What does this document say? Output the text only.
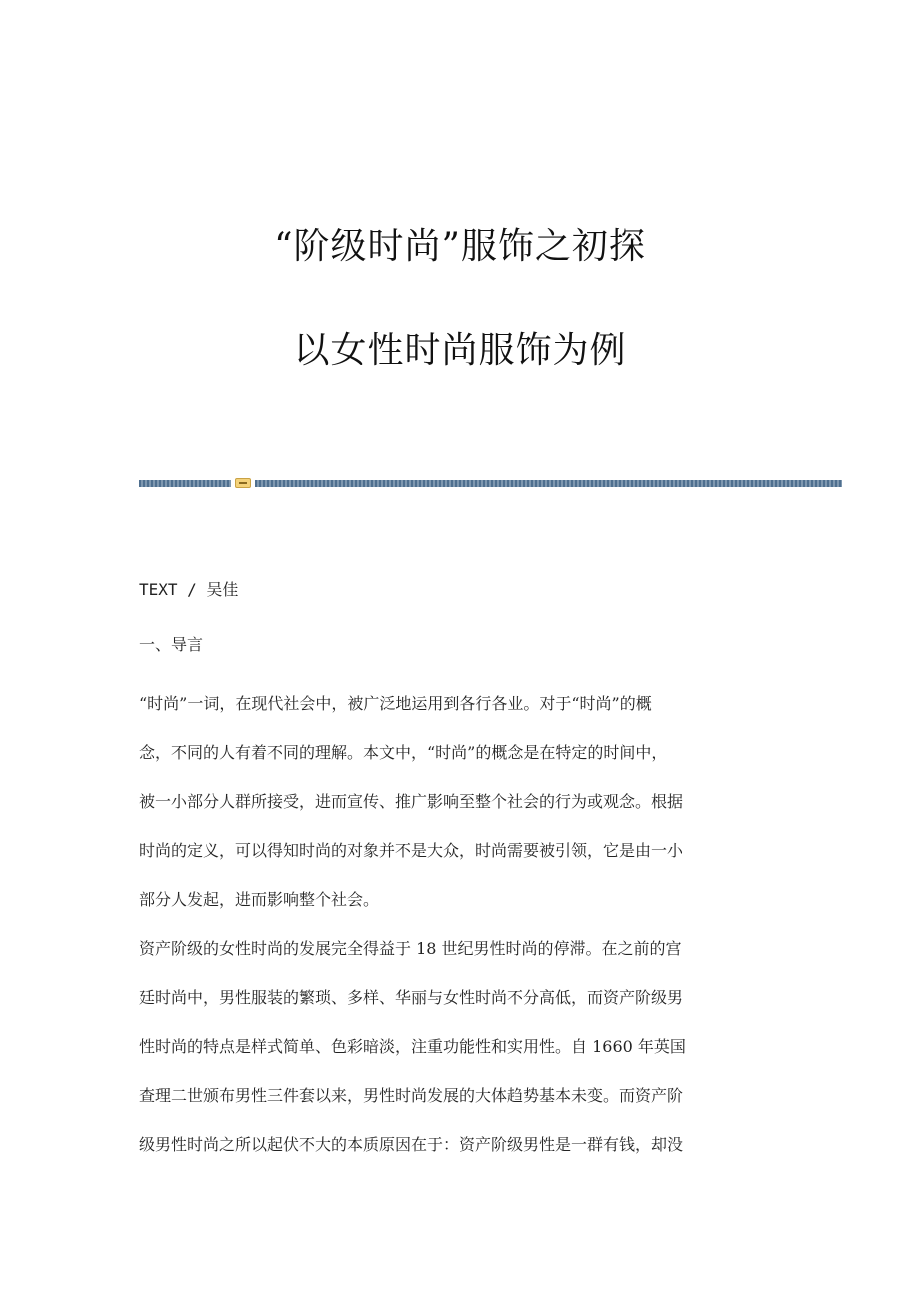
“阶级时尚”服饰之初探
以女性时尚服饰为例

TEXT / 吴佳

一、导言

“时尚”一词，在现代社会中，被广泛地运用到各行各业。对于“时尚”的概
念，不同的人有着不同的理解。本文中，“时尚”的概念是在特定的时间中，
被一小部分人群所接受，进而宣传、推广影响至整个社会的行为或观念。根据
时尚的定义，可以得知时尚的对象并不是大众，时尚需要被引领，它是由一小
部分人发起，进而影响整个社会。

资产阶级的女性时尚的发展完全得益于 18 世纪男性时尚的停滞。在之前的宫
廷时尚中，男性服装的繁琐、多样、华丽与女性时尚不分高低，而资产阶级男
性时尚的特点是样式简单、色彩暗淡，注重功能性和实用性。自 1660 年英国
查理二世颁布男性三件套以来，男性时尚发展的大体趋势基本未变。而资产阶
级男性时尚之所以起伏不大的本质原因在于：资产阶级男性是一群有钱，却没
